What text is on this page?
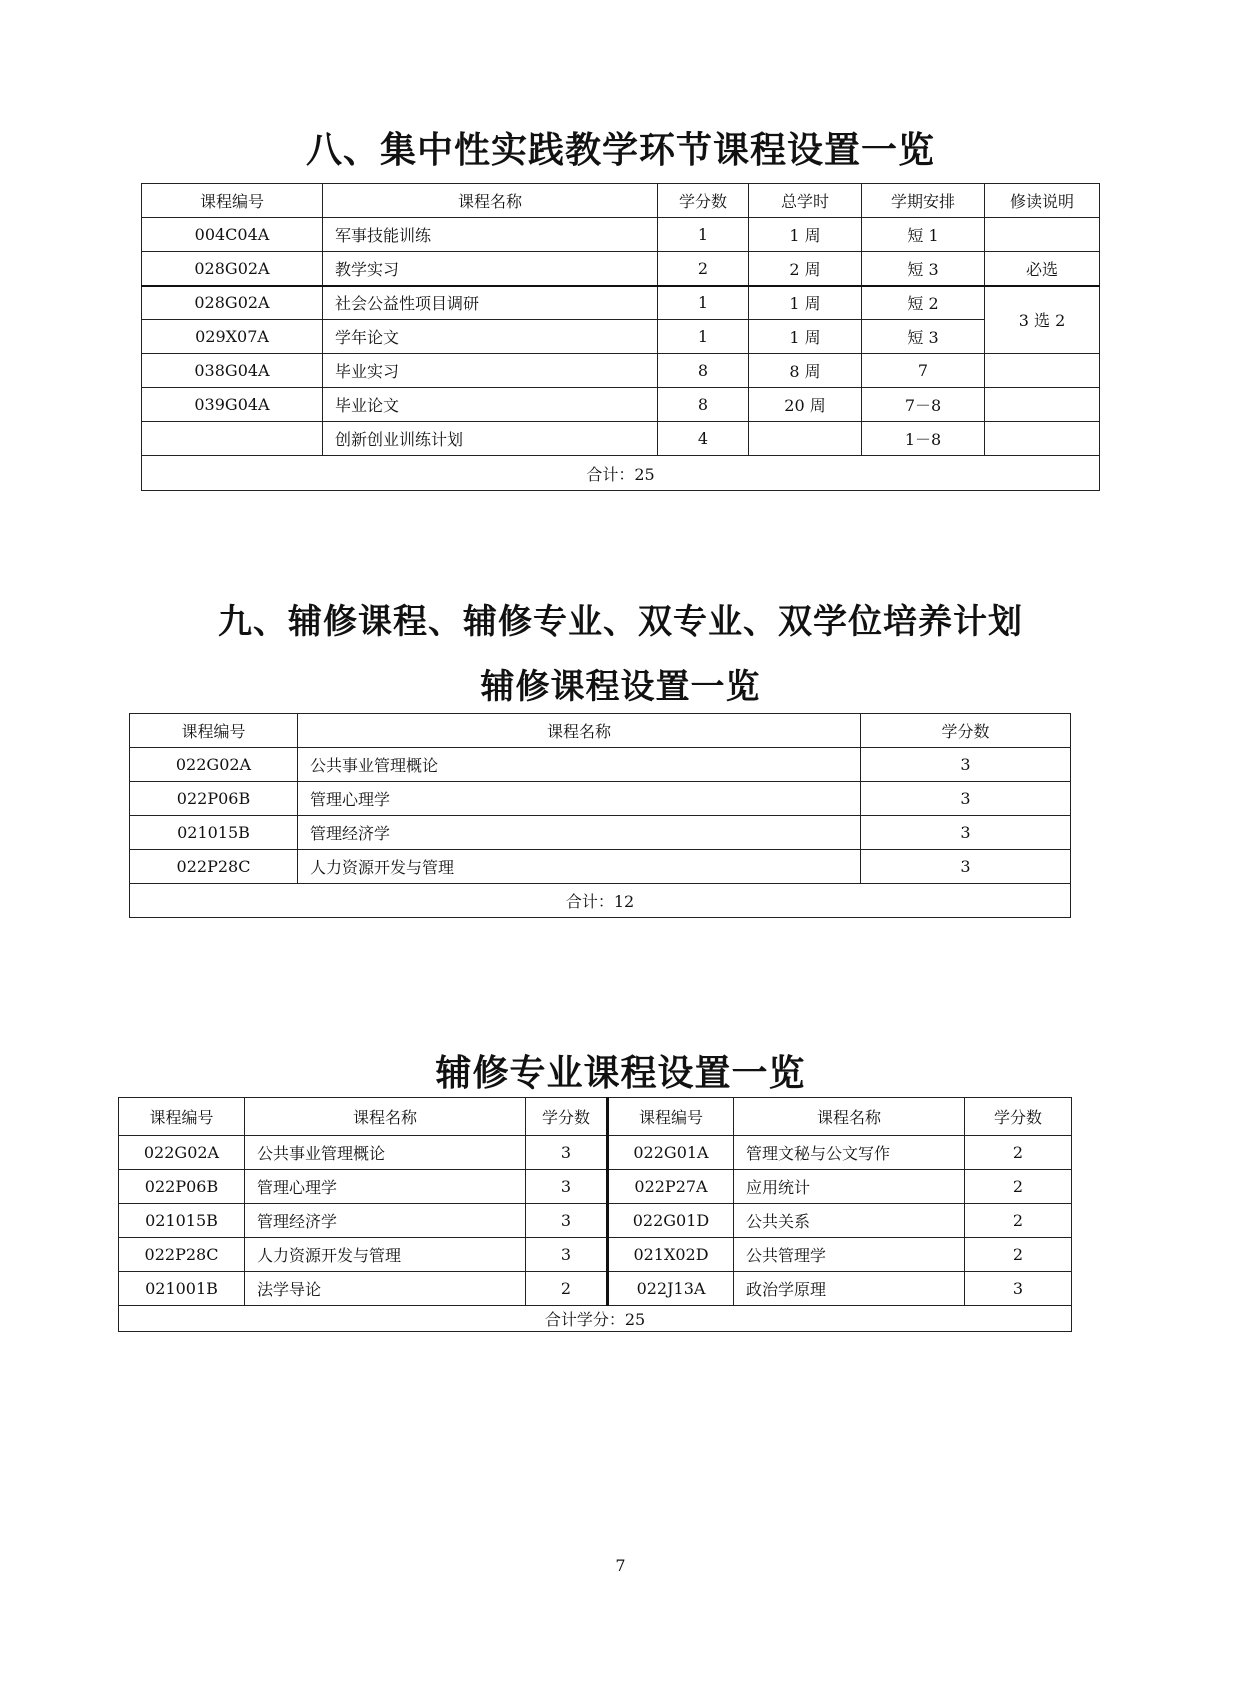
八、集中性实践教学环节课程设置一览
课程编号	课程名称	学分数	总学时	学期安排	修读说明
004C04A	军事技能训练	1	1 周	短 1	
028G02A	教学实习	2	2 周	短 3	必选
028G02A	社会公益性项目调研	1	1 周	短 2	3 选 2
029X07A	学年论文	1	1 周	短 3	
038G04A	毕业实习	8	8 周	7	
039G04A	毕业论文	8	20 周	7－8	
	创新创业训练计划	4		1－8	
合计：25					
九、辅修课程、辅修专业、双专业、双学位培养计划
辅修课程设置一览
课程编号	课程名称	学分数
022G02A	公共事业管理概论	3
022P06B	管理心理学	3
021015B	管理经济学	3
022P28C	人力资源开发与管理	3
合计：12		
辅修专业课程设置一览
课程编号	课程名称	学分数	课程编号	课程名称	学分数
022G02A	公共事业管理概论	3	022G01A	管理文秘与公文写作	2
022P06B	管理心理学	3	022P27A	应用统计	2
021015B	管理经济学	3	022G01D	公共关系	2
022P28C	人力资源开发与管理	3	021X02D	公共管理学	2
021001B	法学导论	2	022J13A	政治学原理	3
合计学分：25					
7
